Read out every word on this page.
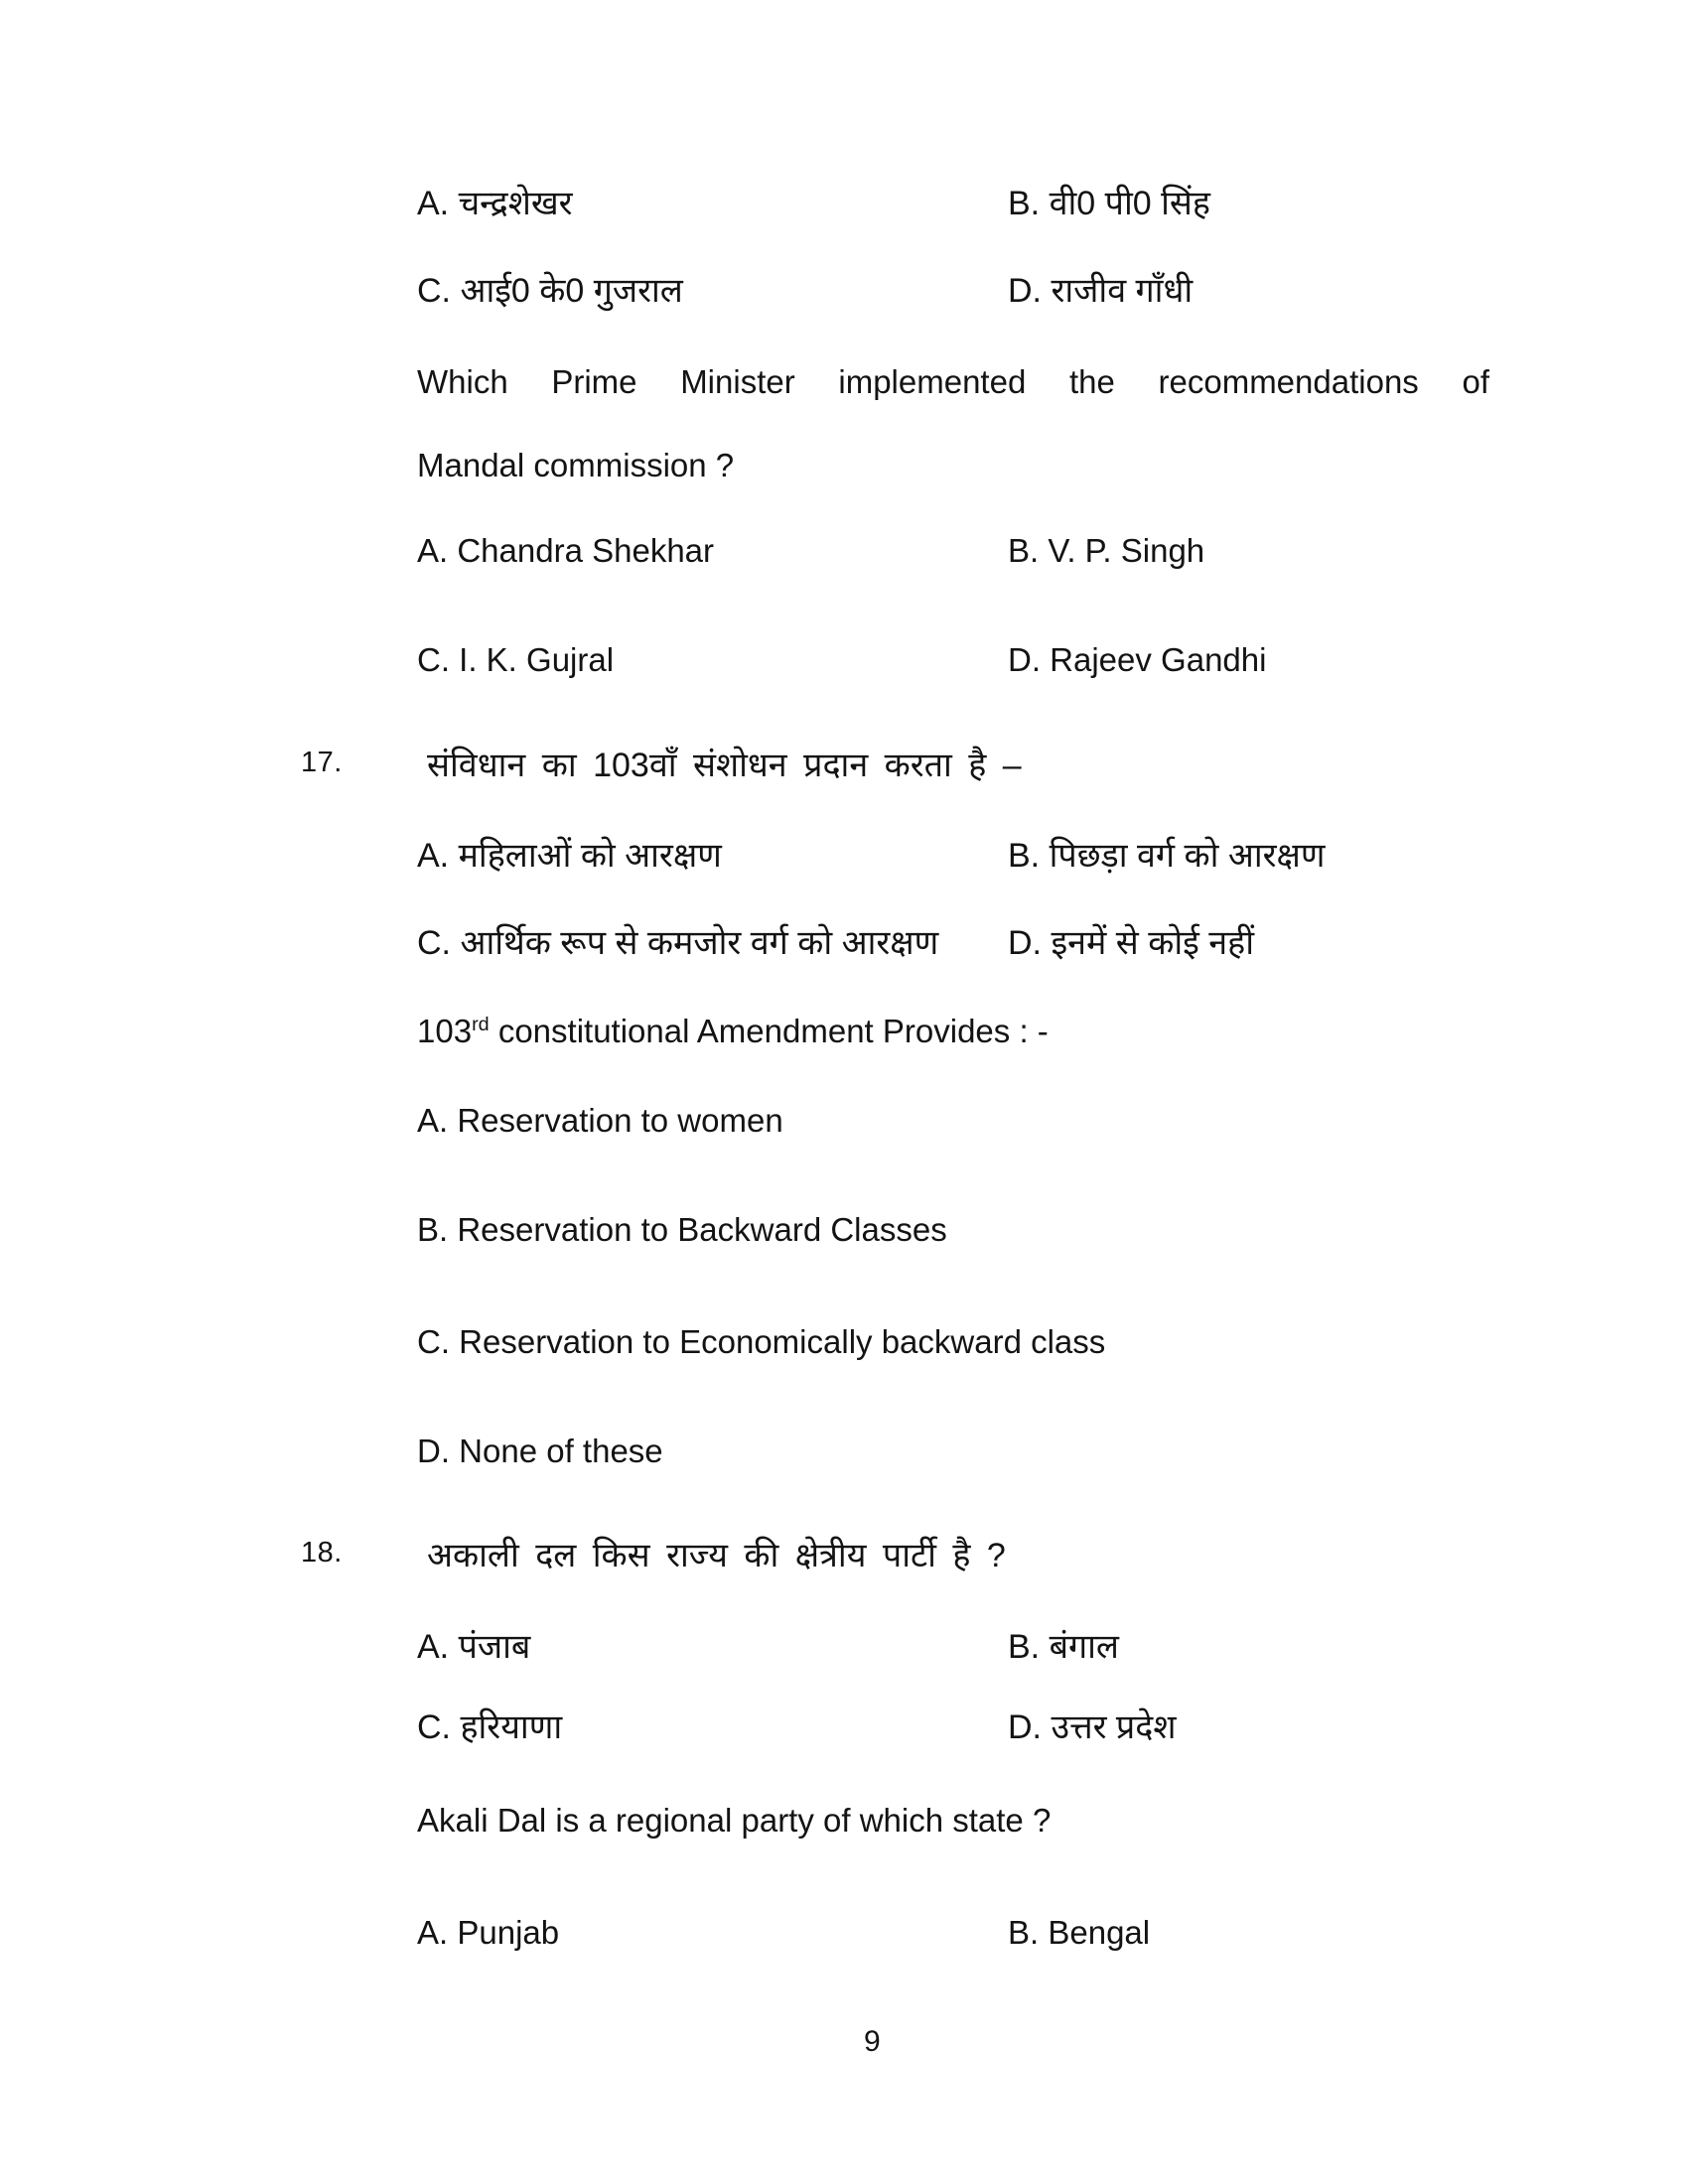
A. चन्द्रशेखर	B. वी0 पी0 सिंह
C. आई0 के0 गुजराल	D. राजीव गाँधी
Which Prime Minister implemented the recommendations of
Mandal commission ?
A. Chandra Shekhar	B. V. P. Singh
C. I. K. Gujral	D. Rajeev Gandhi
17.	संविधान का 103वाँ संशोधन प्रदान करता है –
A. महिलाओं को आरक्षण	B. पिछड़ा वर्ग को आरक्षण
C. आर्थिक रूप से कमजोर वर्ग को आरक्षण D. इनमें से कोई नहीं
103rd constitutional Amendment Provides : -
A. Reservation to women
B. Reservation to Backward Classes
C. Reservation to Economically backward class
D. None of these
18.	अकाली दल किस राज्य की क्षेत्रीय पार्टी है ?
A. पंजाब	B. बंगाल
C. हरियाणा	D. उत्तर प्रदेश
Akali Dal is a regional party of which state ?
A. Punjab	B. Bengal
9
